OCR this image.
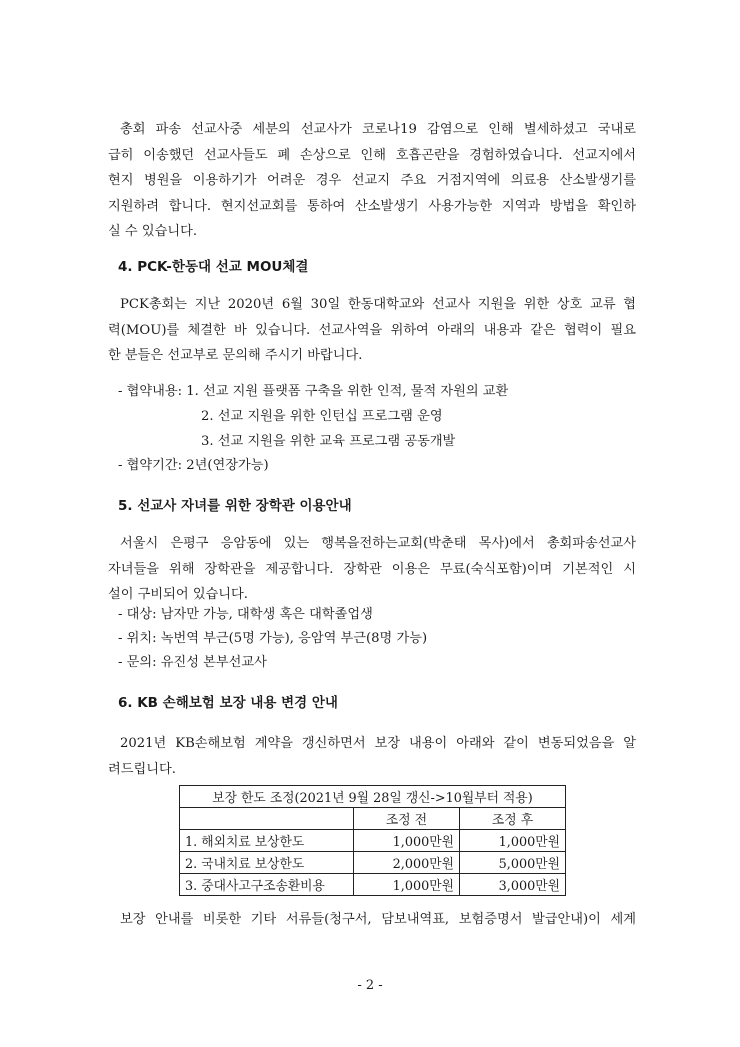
총회 파송 선교사중 세분의 선교사가 코로나19 감염으로 인해 별세하셨고 국내로
급히 이송했던 선교사들도 폐 손상으로 인해 호흡곤란을 경험하였습니다. 선교지에서
현지 병원을 이용하기가 어려운 경우 선교지 주요 거점지역에 의료용 산소발생기를
지원하려 합니다. 현지선교회를 통하여 산소발생기 사용가능한 지역과 방법을 확인하
실 수 있습니다.
4. PCK-한동대 선교 MOU체결
PCK총회는 지난 2020년 6월 30일 한동대학교와 선교사 지원을 위한 상호 교류 협
력(MOU)를 체결한 바 있습니다. 선교사역을 위하여 아래의 내용과 같은 협력이 필요
한 분들은 선교부로 문의해 주시기 바랍니다.

- 협약내용: 1. 선교 지원 플랫폼 구축을 위한 인적, 물적 자원의 교환

2. 선교 지원을 위한 인턴십 프로그램 운영

3. 선교 지원을 위한 교육 프로그램 공동개발

- 협약기간: 2년(연장가능)

5. 선교사 자녀를 위한 장학관 이용안내
서울시 은평구 응암동에 있는 행복을전하는교회(박춘태 목사)에서 총회파송선교사
자녀들을 위해 장학관을 제공합니다. 장학관 이용은 무료(숙식포함)이며 기본적인 시
설이 구비되어 있습니다.

- 대상: 남자만 가능, 대학생 혹은 대학졸업생

- 위치: 녹번역 부근(5명 가능), 응암역 부근(8명 가능)

- 문의: 유진성 본부선교사

6. KB 손해보험 보장 내용 변경 안내
2021년 KB손해보험 계약을 갱신하면서 보장 내용이 아래와 같이 변동되었음을 알
려드립니다.
보장 한도 조정(2021년 9월 28일 갱신->10월부터 적용)		
	조정 전	조정 후
1. 해외치료 보상한도	1,000만원	1,000만원
2. 국내치료 보상한도	2,000만원	5,000만원
3. 중대사고구조송환비용	1,000만원	3,000만원
보장 안내를 비롯한 기타 서류들(청구서, 담보내역표, 보험증명서 발급안내)이 세계
- 2 -
